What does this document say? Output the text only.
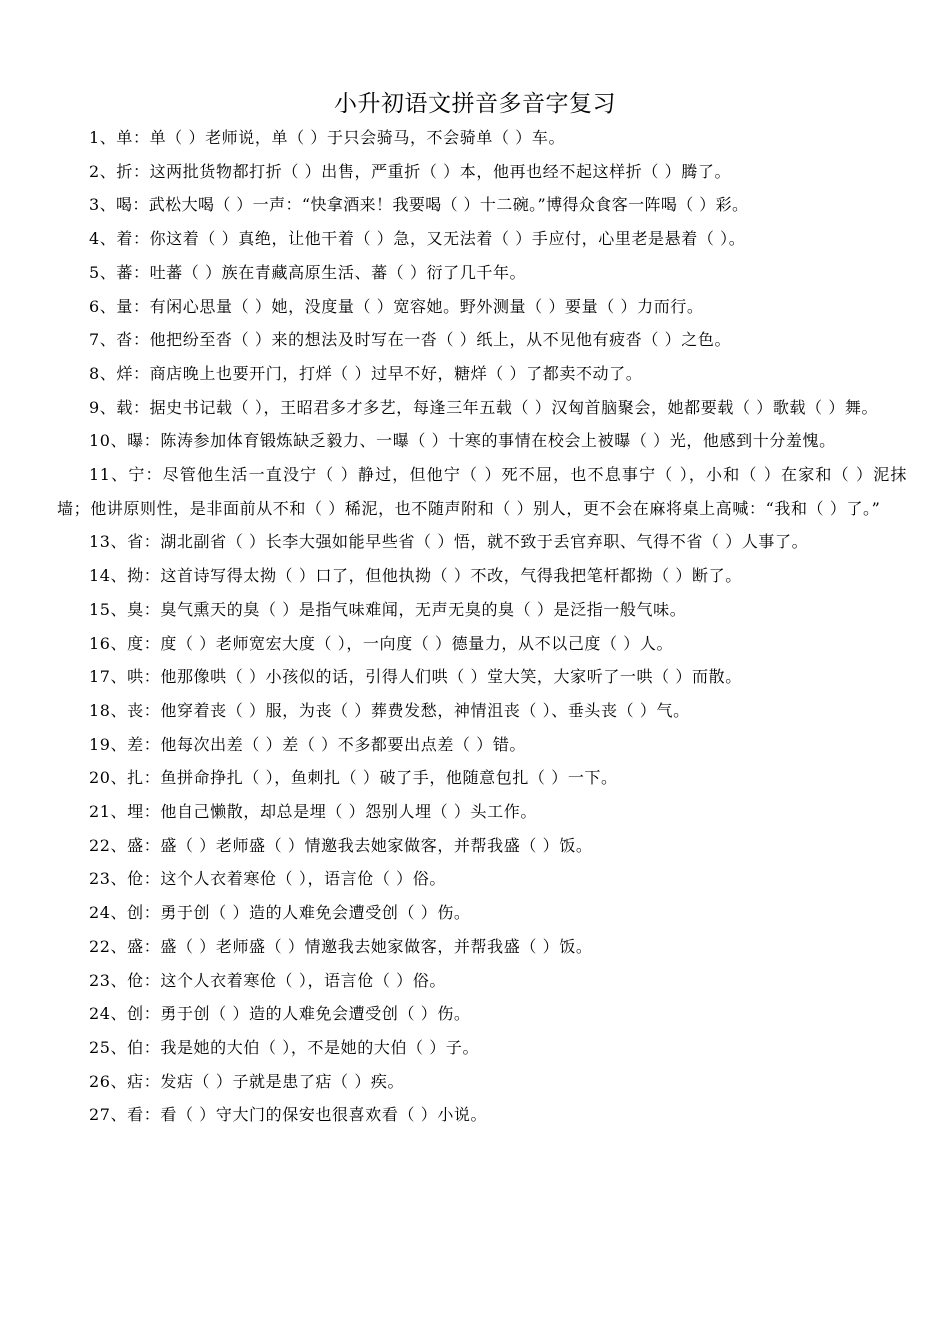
小升初语文拼音多音字复习
1、单：单（ ）老师说，单（ ）于只会骑马，不会骑单（ ）车。
2、折：这两批货物都打折（ ）出售，严重折（ ）本，他再也经不起这样折（ ）腾了。
3、喝：武松大喝（ ）一声：“快拿酒来！我要喝（ ）十二碗。”博得众食客一阵喝（ ）彩。
4、着：你这着（ ）真绝，让他干着（ ）急，又无法着（ ）手应付，心里老是悬着（ ）。
5、蕃：吐蕃（ ）族在青藏高原生活、蕃（ ）衍了几千年。
6、量：有闲心思量（ ）她，没度量（ ）宽容她。野外测量（ ）要量（ ）力而行。
7、沓：他把纷至沓（ ）来的想法及时写在一沓（ ）纸上，从不见他有疲沓（ ）之色。
8、烊：商店晚上也要开门，打烊（ ）过早不好，糖烊（ ）了都卖不动了。
9、载：据史书记载（ ），王昭君多才多艺，每逢三年五载（ ）汉匈首脑聚会，她都要载（ ）歌载（ ）舞。
10、曝：陈涛参加体育锻炼缺乏毅力、一曝（ ）十寒的事情在校会上被曝（ ）光，他感到十分羞愧。
11、宁：尽管他生活一直没宁（ ）静过，但他宁（ ）死不屈，也不息事宁（ ），小和（ ）在家和（ ）泥抹墙；他讲原则性，是非面前从不和（ ）稀泥，也不随声附和（ ）别人，更不会在麻将桌上高喊：“我和（ ）了。”
13、省：湖北副省（ ）长李大强如能早些省（ ）悟，就不致于丢官弃职、气得不省（ ）人事了。
14、拗：这首诗写得太拗（ ）口了，但他执拗（ ）不改，气得我把笔杆都拗（ ）断了。
15、臭：臭气熏天的臭（ ）是指气味难闻，无声无臭的臭（ ）是泛指一般气味。
16、度：度（ ）老师宽宏大度（ ），一向度（ ）德量力，从不以己度（ ）人。
17、哄：他那像哄（ ）小孩似的话，引得人们哄（ ）堂大笑，大家听了一哄（ ）而散。
18、丧：他穿着丧（ ）服，为丧（ ）葬费发愁，神情沮丧（ ）、垂头丧（ ）气。
19、差：他每次出差（ ）差（ ）不多都要出点差（ ）错。
20、扎：鱼拼命挣扎（ ），鱼刺扎（ ）破了手，他随意包扎（ ）一下。
21、埋：他自己懒散，却总是埋（ ）怨别人埋（ ）头工作。
22、盛：盛（ ）老师盛（ ）情邀我去她家做客，并帮我盛（ ）饭。
23、伧：这个人衣着寒伧（ ），语言伧（ ）俗。
24、创：勇于创（ ）造的人难免会遭受创（ ）伤。
22、盛：盛（ ）老师盛（ ）情邀我去她家做客，并帮我盛（ ）饭。
23、伧：这个人衣着寒伧（ ），语言伧（ ）俗。
24、创：勇于创（ ）造的人难免会遭受创（ ）伤。
25、伯：我是她的大伯（ ），不是她的大伯（ ）子。
26、痁：发痁（ ）子就是患了痁（ ）疾。
27、看：看（ ）守大门的保安也很喜欢看（ ）小说。
